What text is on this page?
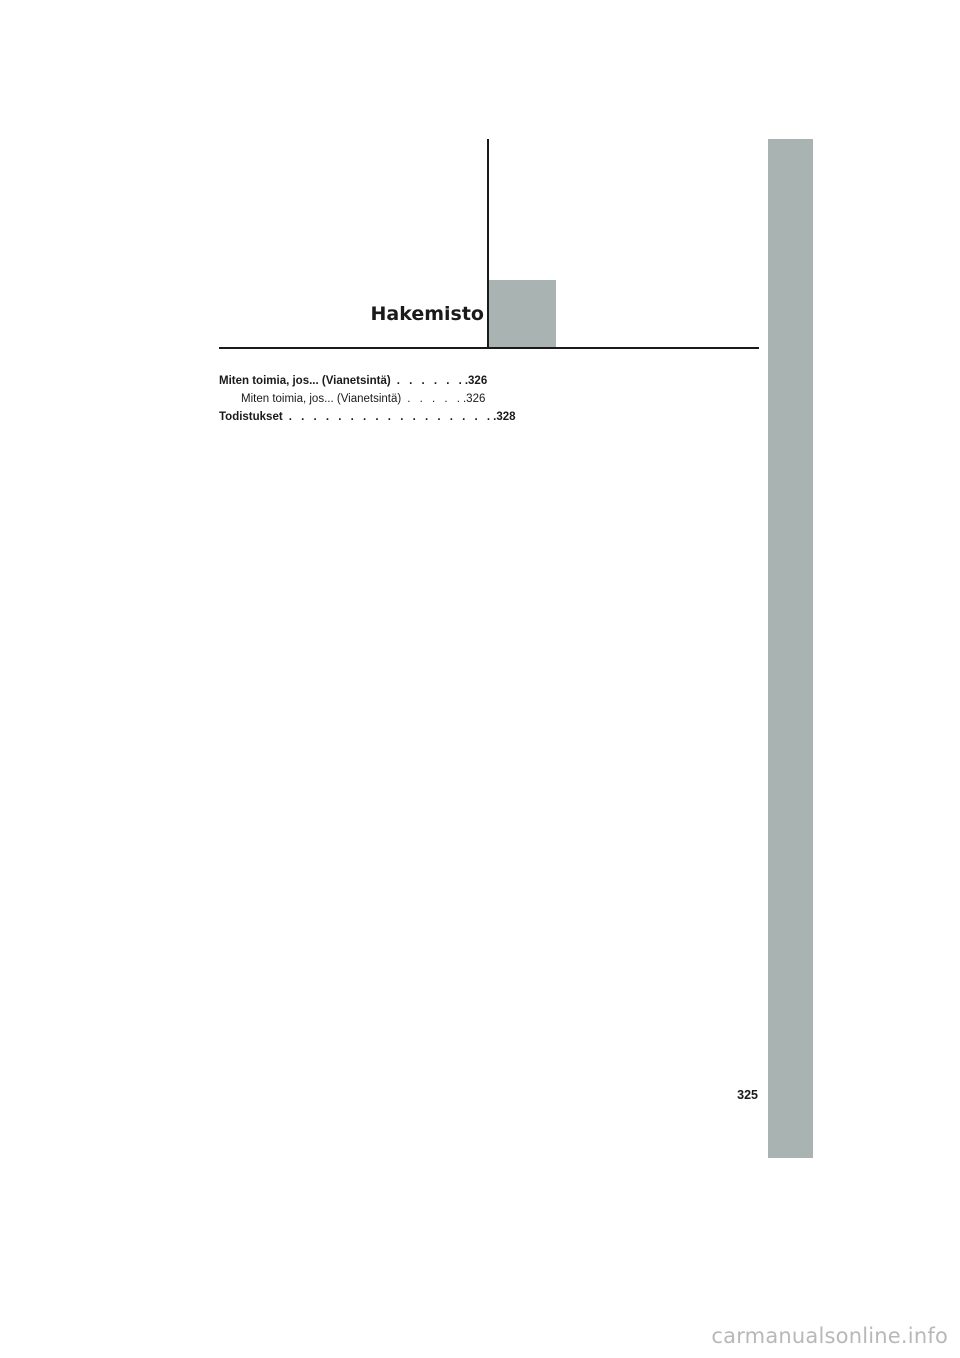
Hakemisto
Miten toimia, jos... (Vianetsintä) . . . . . . .326
Miten toimia, jos... (Vianetsintä) . . . . . .326
Todistukset . . . . . . . . . . . . . . . . . .328
325
carmanualsonline.info
